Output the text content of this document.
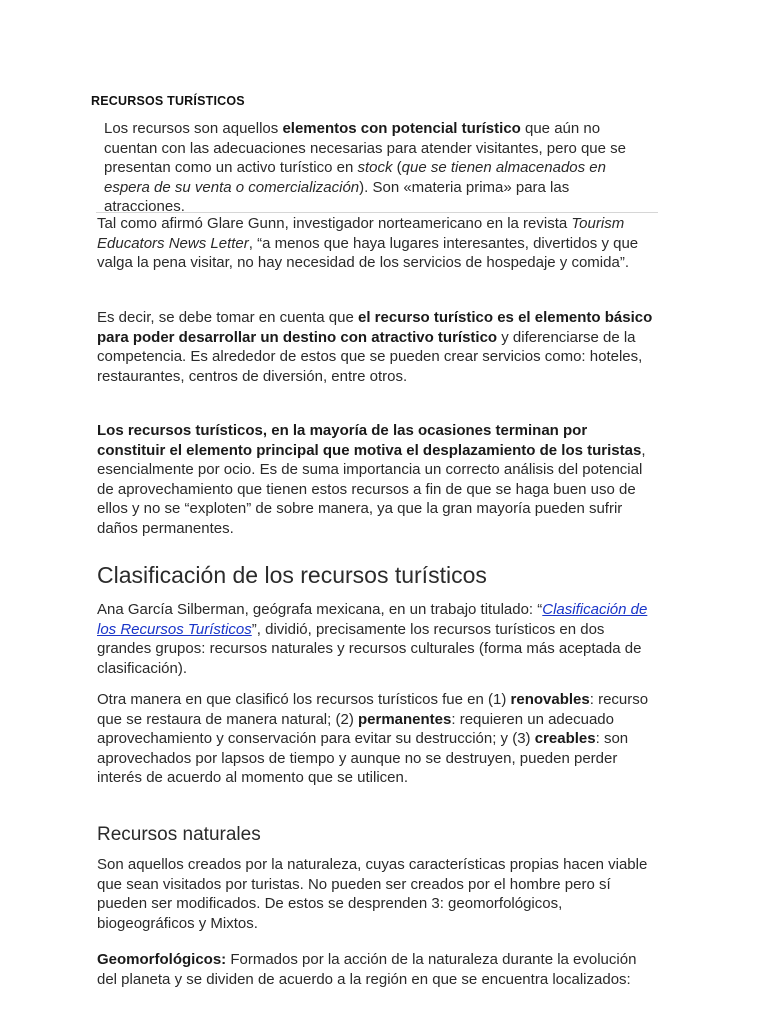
RECURSOS TURÍSTICOS

Los recursos son aquellos elementos con potencial turístico que aún no cuentan con las adecuaciones necesarias para atender visitantes, pero que se presentan como un activo turístico en stock (que se tienen almacenados en espera de su venta o comercialización). Son «materia prima» para las atracciones.

Tal como afirmó Glare Gunn, investigador norteamericano en la revista Tourism Educators News Letter, “a menos que haya lugares interesantes, divertidos y que valga la pena visitar, no hay necesidad de los servicios de hospedaje y comida”.

Es decir, se debe tomar en cuenta que el recurso turístico es el elemento básico para poder desarrollar un destino con atractivo turístico y diferenciarse de la competencia. Es alrededor de estos que se pueden crear servicios como: hoteles, restaurantes, centros de diversión, entre otros.

Los recursos turísticos, en la mayoría de las ocasiones terminan por constituir el elemento principal que motiva el desplazamiento de los turistas, esencialmente por ocio. Es de suma importancia un correcto análisis del potencial de aprovechamiento que tienen estos recursos a fin de que se haga buen uso de ellos y no se “exploten” de sobre manera, ya que la gran mayoría pueden sufrir daños permanentes.

Clasificación de los recursos turísticos

Ana García Silberman, geógrafa mexicana, en un trabajo titulado: “Clasificación de los Recursos Turísticos”, dividió, precisamente los recursos turísticos en dos grandes grupos: recursos naturales y recursos culturales (forma más aceptada de clasificación).

Otra manera en que clasificó los recursos turísticos fue en (1) renovables: recurso que se restaura de manera natural; (2) permanentes: requieren un adecuado aprovechamiento y conservación para evitar su destrucción; y (3) creables: son aprovechados por lapsos de tiempo y aunque no se destruyen, pueden perder interés de acuerdo al momento que se utilicen.

Recursos naturales

Son aquellos creados por la naturaleza, cuyas características propias hacen viable que sean visitados por turistas. No pueden ser creados por el hombre pero sí pueden ser modificados. De estos se desprenden 3: geomorfológicos, biogeográficos y Mixtos.

Geomorfológicos: Formados por la acción de la naturaleza durante la evolución del planeta y se dividen de acuerdo a la región en que se encuentra localizados:
